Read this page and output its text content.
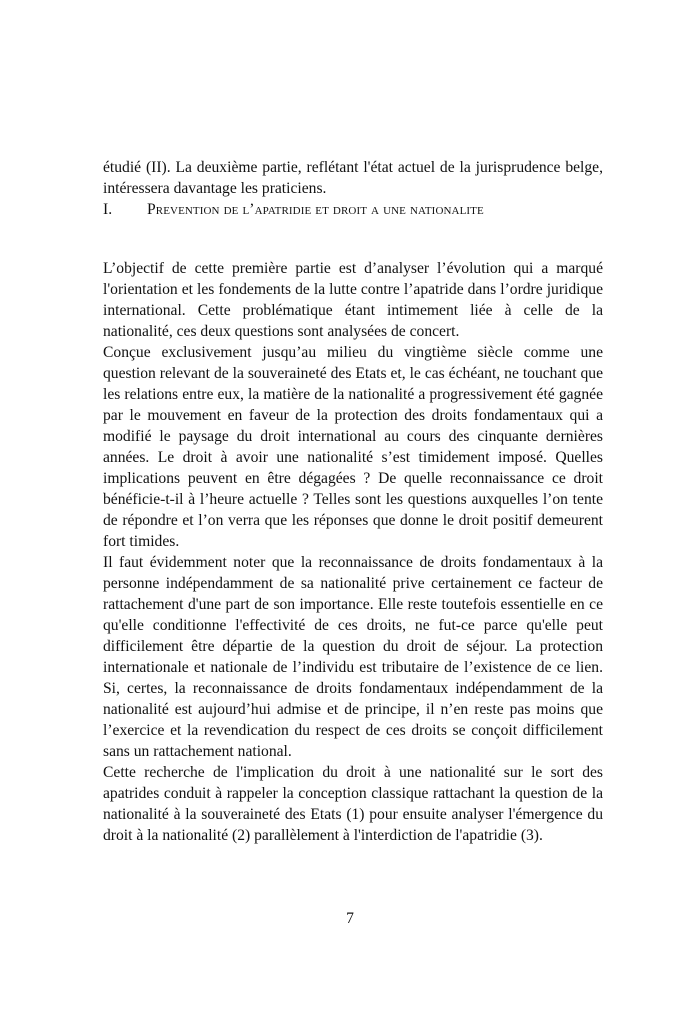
étudié (II). La deuxième partie, reflétant l'état actuel de la jurisprudence belge, intéressera davantage les praticiens.

I.	Prevention de l’apatridie et droit a une nationalite

L’objectif de cette première partie est d’analyser l’évolution qui a marqué l'orientation et les fondements de la lutte contre l’apatride dans l’ordre juridique international. Cette problématique étant intimement liée à celle de la nationalité, ces deux questions sont analysées de concert.

Conçue exclusivement jusqu’au milieu du vingtième siècle comme une question relevant de la souveraineté des Etats et, le cas échéant, ne touchant que les relations entre eux, la matière de la nationalité a progressivement été gagnée par le mouvement en faveur de la protection des droits fondamentaux qui a modifié le paysage du droit international au cours des cinquante dernières années. Le droit à avoir une nationalité s’est timidement imposé. Quelles implications peuvent en être dégagées ? De quelle reconnaissance ce droit bénéficie-t-il à l’heure actuelle ? Telles sont les questions auxquelles l’on tente de répondre et l’on verra que les réponses que donne le droit positif demeurent fort timides.

Il faut évidemment noter que la reconnaissance de droits fondamentaux à la personne indépendamment de sa nationalité prive certainement ce facteur de rattachement d'une part de son importance. Elle reste toutefois essentielle en ce qu'elle conditionne l'effectivité de ces droits, ne fut-ce parce qu'elle peut difficilement être départie de la question du droit de séjour. La protection internationale et nationale de l’individu est tributaire de l’existence de ce lien. Si, certes, la reconnaissance de droits fondamentaux indépendamment de la nationalité est aujourd’hui admise et de principe, il n’en reste pas moins que l’exercice et la revendication du respect de ces droits se conçoit difficilement sans un rattachement national.

Cette recherche de l'implication du droit à une nationalité sur le sort des apatrides conduit à rappeler la conception classique rattachant la question de la nationalité à la souveraineté des Etats (1) pour ensuite analyser l'émergence du droit à la nationalité (2) parallèlement à l'interdiction de l'apatridie (3).

7
